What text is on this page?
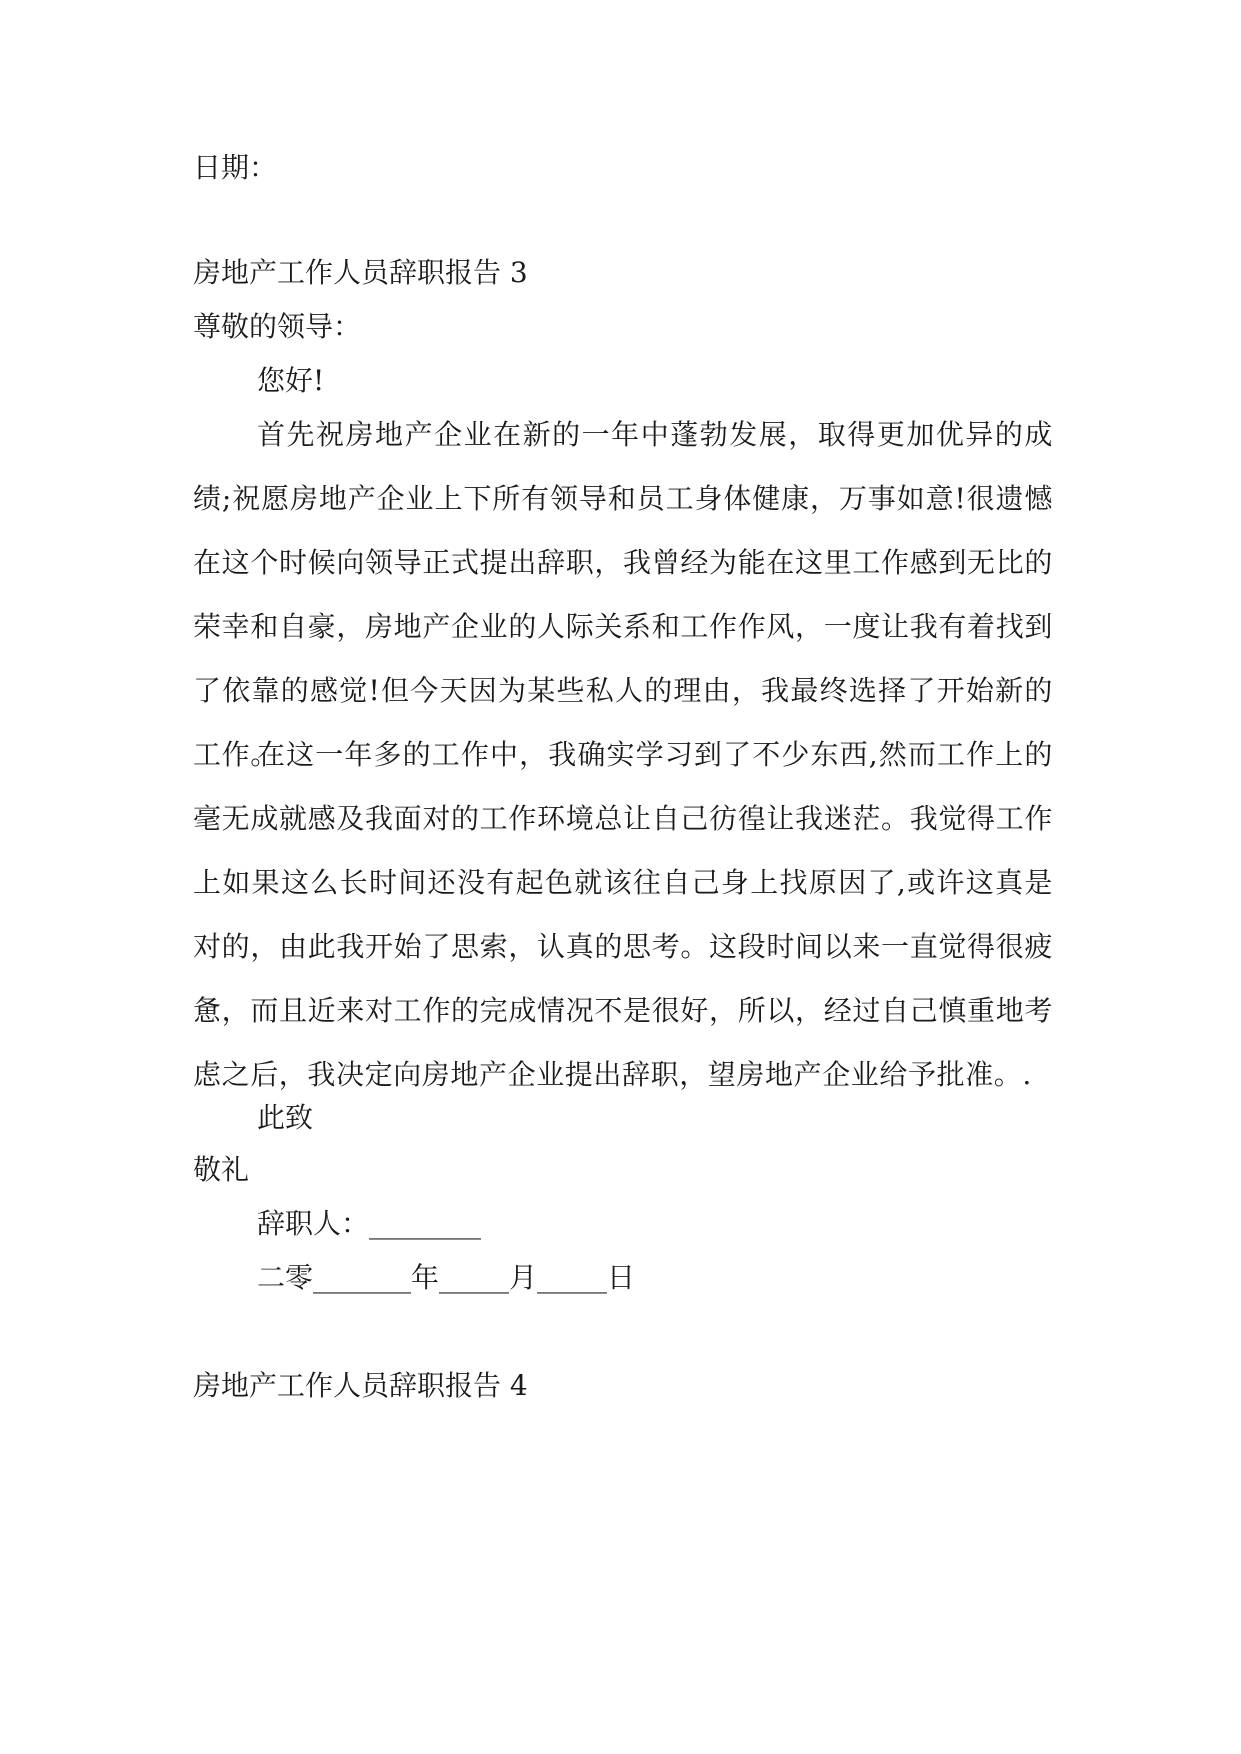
日期：
房地产工作人员辞职报告 3
尊敬的领导：
您好!
首先祝房地产企业在新的一年中蓬勃发展，取得更加优异的成绩;祝愿房地产企业上下所有领导和员工身体健康，万事如意!很遗憾在这个时候向领导正式提出辞职，我曾经为能在这里工作感到无比的荣幸和自豪，房地产企业的人际关系和工作作风，一度让我有着找到了依靠的感觉!但今天因为某些私人的理由，我最终选择了开始新的工作。
在这一年多的工作中，我确实学习到了不少东西,然而工作上的毫无成就感及我面对的工作环境总让自己彷徨让我迷茫。我觉得工作上如果这么长时间还没有起色就该往自己身上找原因了,或许这真是对的，由此我开始了思索，认真的思考。这段时间以来一直觉得很疲惫，而且近来对工作的完成情况不是很好，所以，经过自己慎重地考虑之后，我决定向房地产企业提出辞职，望房地产企业给予批准。.
此致
敬礼
辞职人：________
二零_______年_____月_____日
房地产工作人员辞职报告 4
